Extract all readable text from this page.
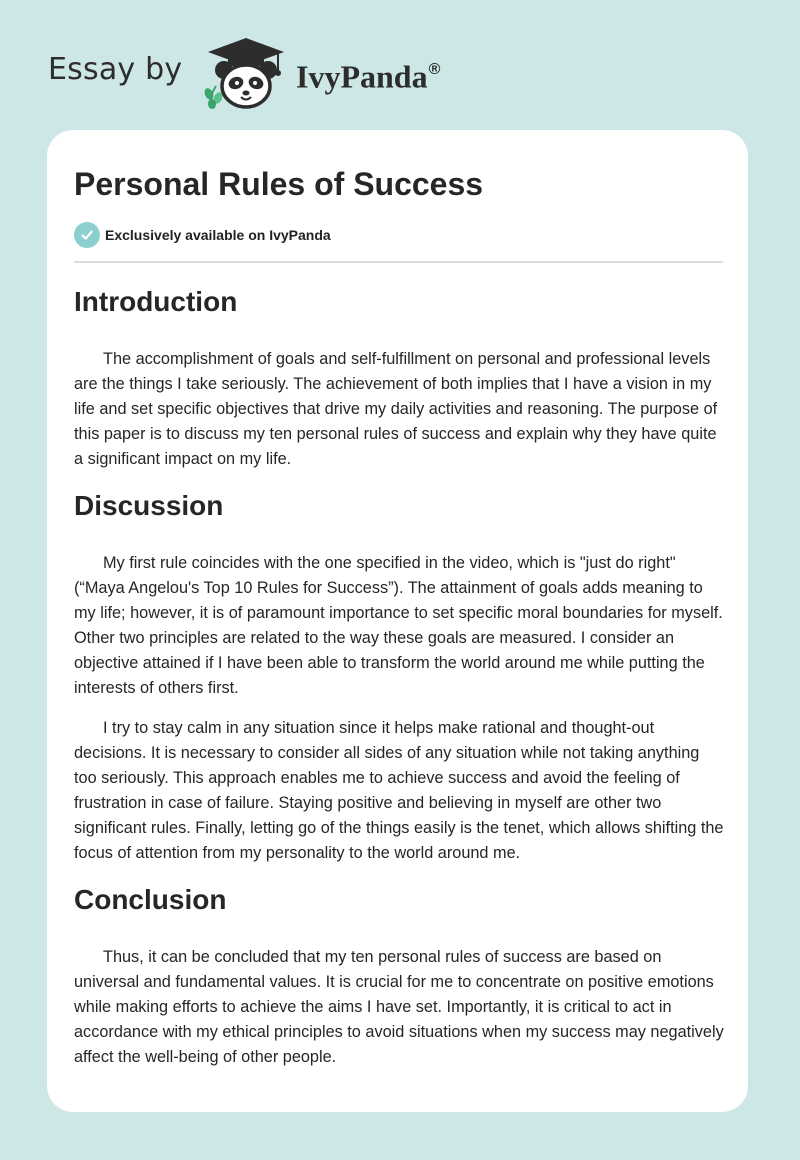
Essay by	IvyPanda®
Personal Rules of Success
Exclusively available on IvyPanda
Introduction

The accomplishment of goals and self-fulfillment on personal and professional levels are the things I take seriously. The achievement of both implies that I have a vision in my life and set specific objectives that drive my daily activities and reasoning. The purpose of this paper is to discuss my ten personal rules of success and explain why they have quite a significant impact on my life.

Discussion

My first rule coincides with the one specified in the video, which is "just do right" (“Maya Angelou's Top 10 Rules for Success”). The attainment of goals adds meaning to my life; however, it is of paramount importance to set specific moral boundaries for myself. Other two principles are related to the way these goals are measured. I consider an objective attained if I have been able to transform the world around me while putting the interests of others first.

I try to stay calm in any situation since it helps make rational and thought-out decisions. It is necessary to consider all sides of any situation while not taking anything too seriously. This approach enables me to achieve success and avoid the feeling of frustration in case of failure. Staying positive and believing in myself are other two significant rules. Finally, letting go of the things easily is the tenet, which allows shifting the focus of attention from my personality to the world around me.

Conclusion

Thus, it can be concluded that my ten personal rules of success are based on universal and fundamental values. It is crucial for me to concentrate on positive emotions while making efforts to achieve the aims I have set. Importantly, it is critical to act in accordance with my ethical principles to avoid situations when my success may negatively affect the well-being of other people.
